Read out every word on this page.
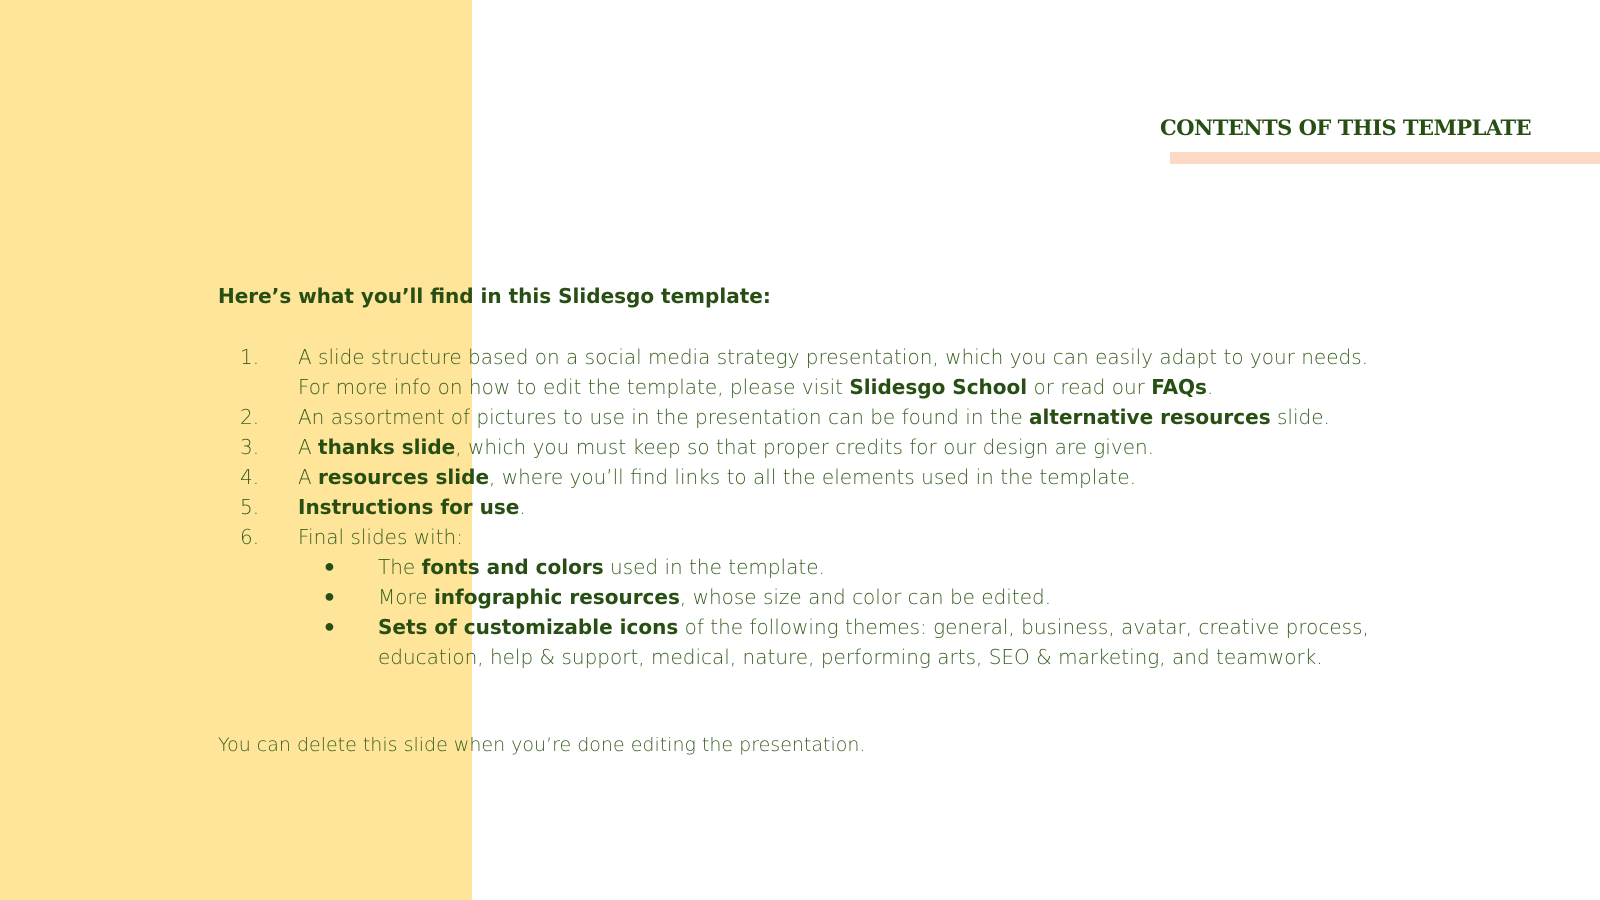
CONTENTS OF THIS TEMPLATE

Here’s what you’ll find in this Slidesgo template:

1. A slide structure based on a social media strategy presentation, which you can easily adapt to your needs.
For more info on how to edit the template, please visit Slidesgo School or read our FAQs.
2. An assortment of pictures to use in the presentation can be found in the alternative resources slide.
3. A thanks slide, which you must keep so that proper credits for our design are given.
4. A resources slide, where you’ll find links to all the elements used in the template.
5. Instructions for use.
6. Final slides with:
● The fonts and colors used in the template.
● More infographic resources, whose size and color can be edited.
● Sets of customizable icons of the following themes: general, business, avatar, creative process,
education, help & support, medical, nature, performing arts, SEO & marketing, and teamwork.

You can delete this slide when you’re done editing the presentation.
